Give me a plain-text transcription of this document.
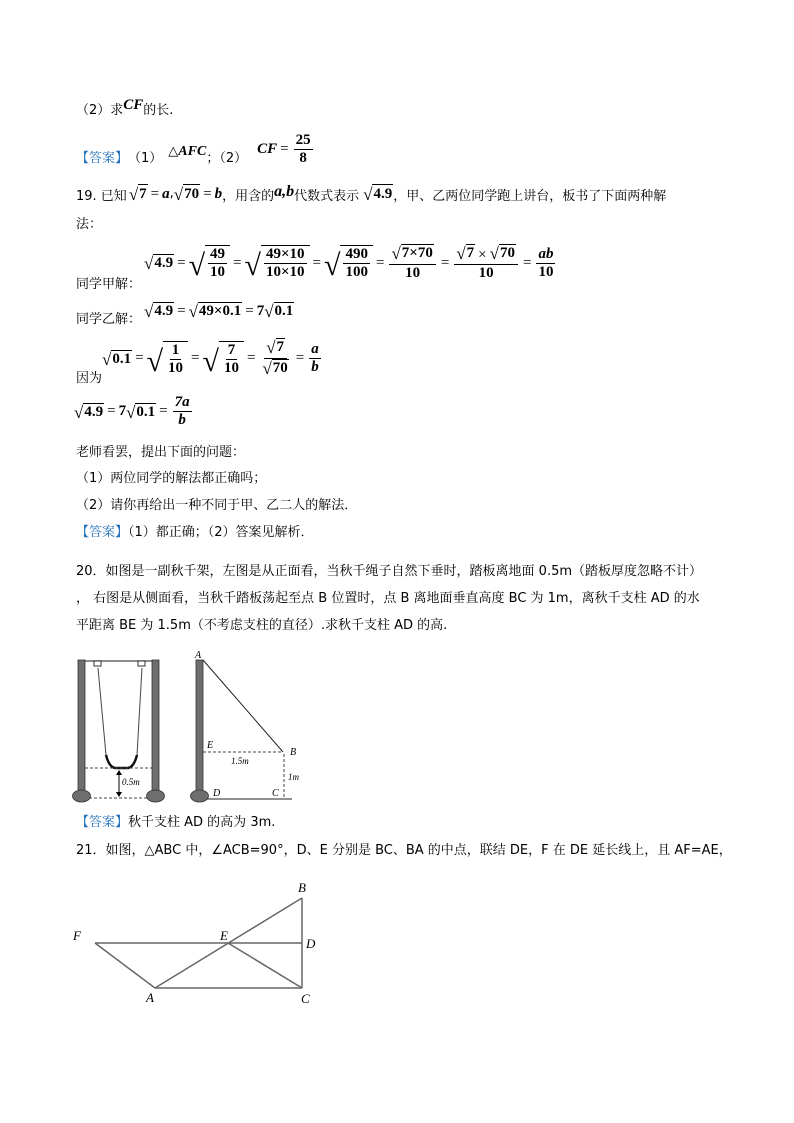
（2）求CF的长.
【答案】 （1） △AFC ；（2）
CF = $\frac{25}{8}$
19. 已知 √ 7 = a , √ 70 = b ，用含的 a,b 代数式表示 √ 4.9 ，甲、乙两位同学跑上讲台，板书了下面两种解
法：
同学甲解：
√ 4.9 = √ $\frac{49}{10}$ = √ $\frac{49\times 10}{10\times 10}$ = √ $\frac{490}{100} = \frac{√ 7\times 70}{10} = \frac{√ 7 \times √ 70}{10} = \frac{ab}{10}$
同学乙解： √ 4.9 = √ 49×0.1 = 7 √ 0.1
因为
√ 0.1 = √ $\frac{1}{10}$ = √ $\frac{7}{10} = \frac{√ 7}{√ 70} = \frac{a}{b}$
√ 4.9 = 7 √ $0.1 = \frac{7a}{b}$
老师看罢，提出下面的问题：
（1）两位同学的解法都正确吗；
（2）请你再给出一种不同于甲、乙二人的解法．
【答案】（1）都正确；（2）答案见解析．
20．如图是一副秋千架，左图是从正面看，当秋千绳子自然下垂时，踏板离地面 0.5m（踏板厚度忽略不计）
， 右图是从侧面看，当秋千踏板荡起至点 B 位置时，点 B 离地面垂直高度 BC 为 1m，离秋千支柱 AD 的水
平距离 BE 为 1.5m（不考虑支柱的直径）.求秋千支柱 AD 的高.
0.5m
A
E
B
1.5m
1m
D	C
【答案】秋千支柱 AD 的高为 3m.
21．如图，△ABC 中，∠ACB=90°，D、E 分别是 BC、BA 的中点，联结 DE，F 在 DE 延长线上，且 AF=AE，
B
F	E
D
A	C
